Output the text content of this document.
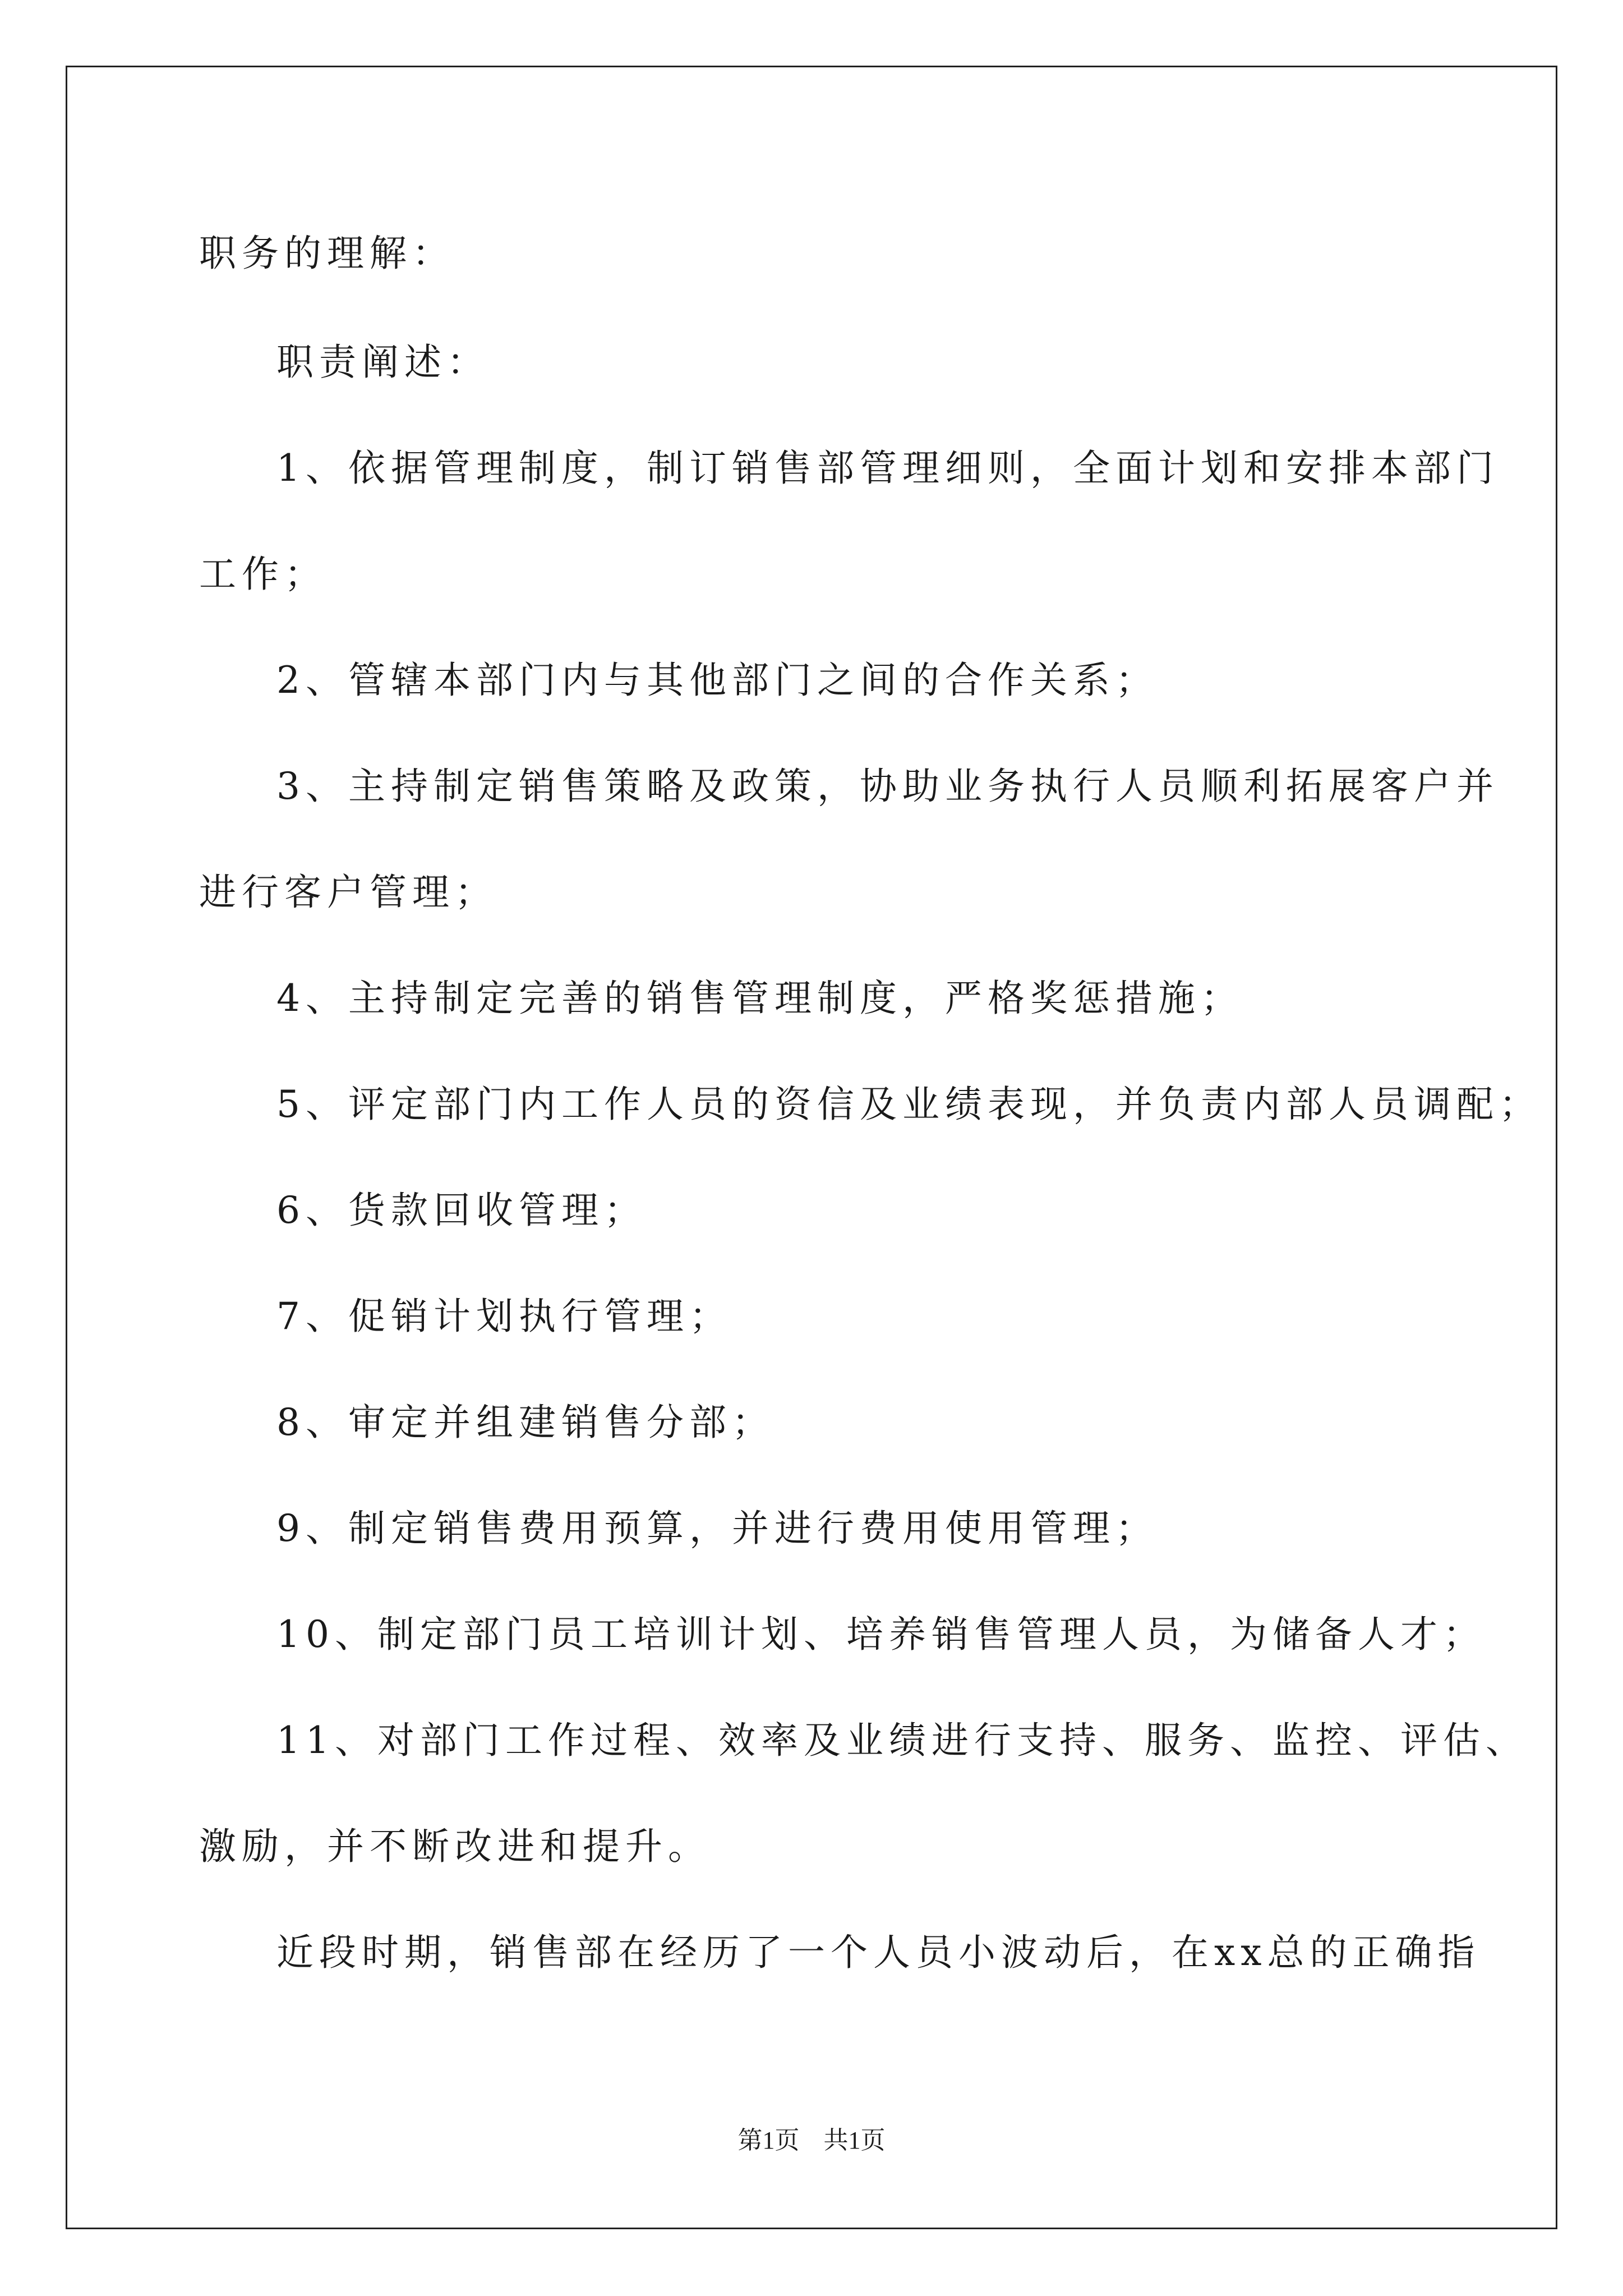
职务的理解：
职责阐述：
1、依据管理制度，制订销售部管理细则，全面计划和安排本部门
工作；
2、管辖本部门内与其他部门之间的合作关系；
3、主持制定销售策略及政策，协助业务执行人员顺利拓展客户并
进行客户管理；
4、主持制定完善的销售管理制度，严格奖惩措施；
5、评定部门内工作人员的资信及业绩表现，并负责内部人员调配；
6、货款回收管理；
7、促销计划执行管理；
8、审定并组建销售分部；
9、制定销售费用预算，并进行费用使用管理；
10、制定部门员工培训计划、培养销售管理人员，为储备人才；
11、对部门工作过程、效率及业绩进行支持、服务、监控、评估、
激励，并不断改进和提升。
近段时期，销售部在经历了一个人员小波动后，在xx总的正确指
第1页 共1页
